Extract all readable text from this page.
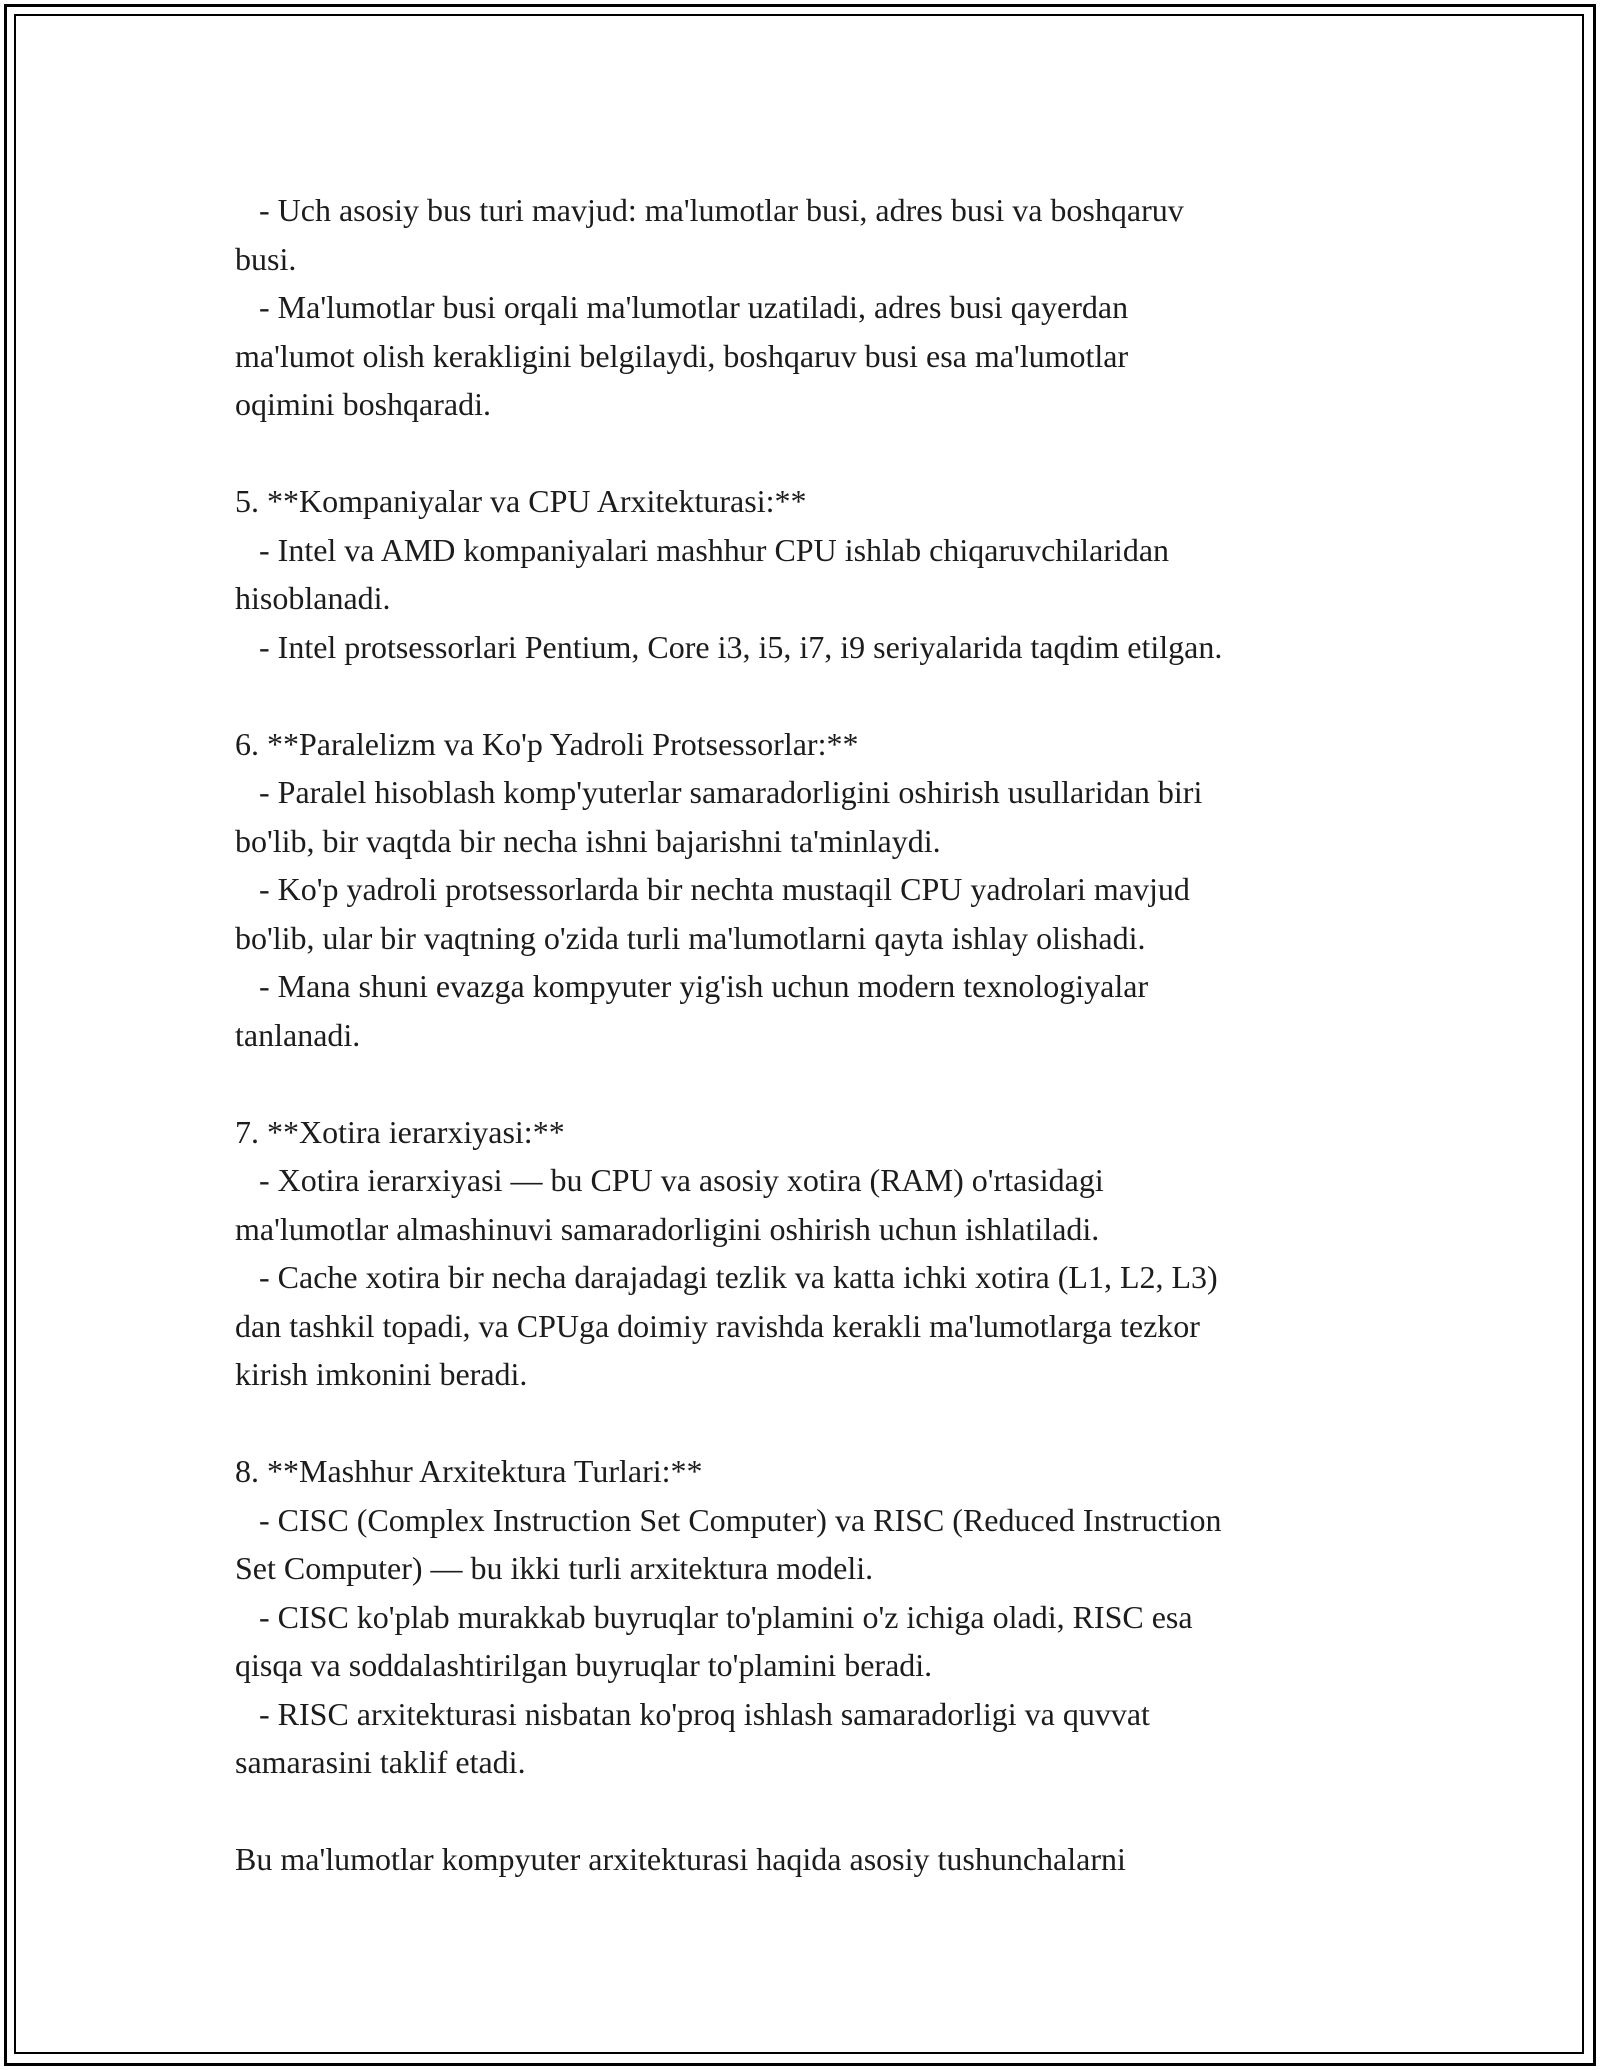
- Uch asosiy bus turi mavjud: ma'lumotlar busi, adres busi va boshqaruv
busi.
- Ma'lumotlar busi orqali ma'lumotlar uzatiladi, adres busi qayerdan
ma'lumot olish kerakligini belgilaydi, boshqaruv busi esa ma'lumotlar
oqimini boshqaradi.
5. **Kompaniyalar va CPU Arxitekturasi:**
- Intel va AMD kompaniyalari mashhur CPU ishlab chiqaruvchilaridan
hisoblanadi.
- Intel protsessorlari Pentium, Core i3, i5, i7, i9 seriyalarida taqdim etilgan.
6. **Paralelizm va Ko'p Yadroli Protsessorlar:**
- Paralel hisoblash komp'yuterlar samaradorligini oshirish usullaridan biri
bo'lib, bir vaqtda bir necha ishni bajarishni ta'minlaydi.
- Ko'p yadroli protsessorlarda bir nechta mustaqil CPU yadrolari mavjud
bo'lib, ular bir vaqtning o'zida turli ma'lumotlarni qayta ishlay olishadi.
- Mana shuni evazga kompyuter yig'ish uchun modern texnologiyalar
tanlanadi.
7. **Xotira ierarxiyasi:**
- Xotira ierarxiyasi — bu CPU va asosiy xotira (RAM) o'rtasidagi
ma'lumotlar almashinuvi samaradorligini oshirish uchun ishlatiladi.
- Cache xotira bir necha darajadagi tezlik va katta ichki xotira (L1, L2, L3)
dan tashkil topadi, va CPUga doimiy ravishda kerakli ma'lumotlarga tezkor
kirish imkonini beradi.
8. **Mashhur Arxitektura Turlari:**
- CISC (Complex Instruction Set Computer) va RISC (Reduced Instruction
Set Computer) — bu ikki turli arxitektura modeli.
- CISC ko'plab murakkab buyruqlar to'plamini o'z ichiga oladi, RISC esa
qisqa va soddalashtirilgan buyruqlar to'plamini beradi.
- RISC arxitekturasi nisbatan ko'proq ishlash samaradorligi va quvvat
samarasini taklif etadi.
Bu ma'lumotlar kompyuter arxitekturasi haqida asosiy tushunchalarni
